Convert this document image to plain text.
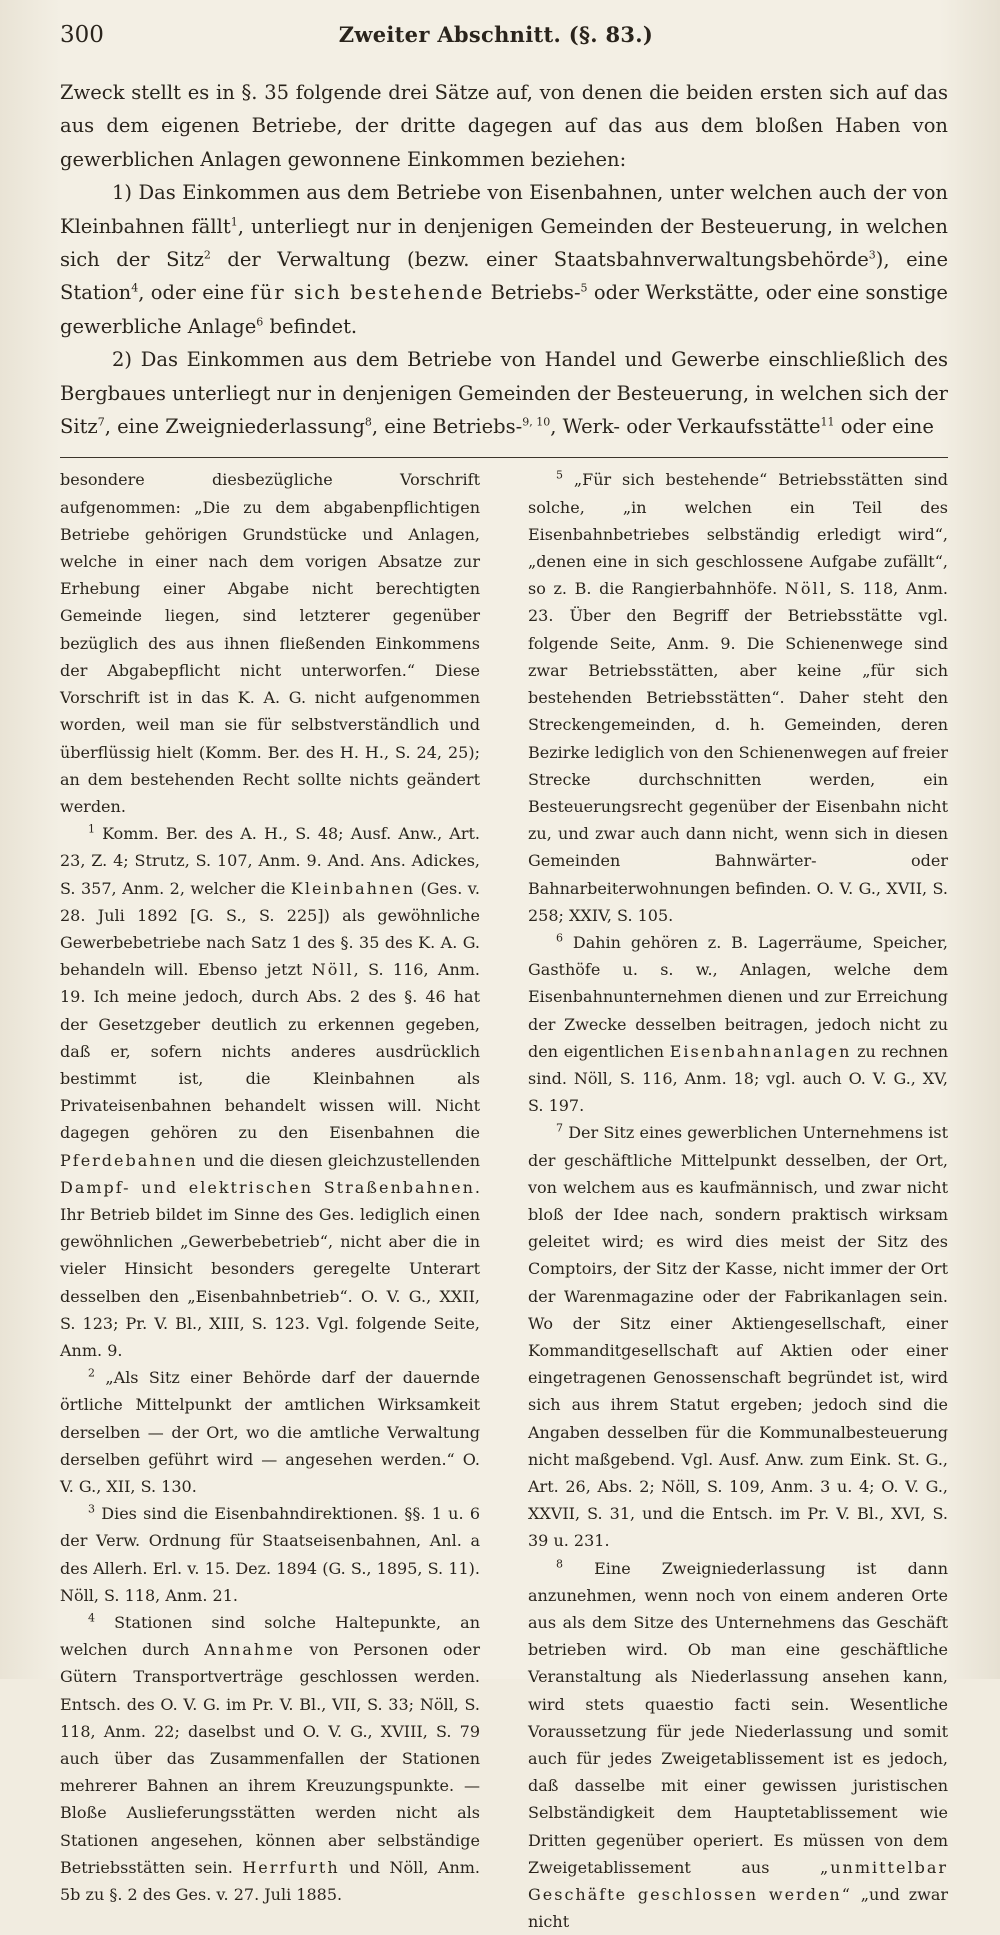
300	Zweiter Abschnitt. (§. 83.)

Zweck stellt es in §. 35 folgende drei Sätze auf, von denen die beiden ersten sich auf das aus dem eigenen Betriebe, der dritte dagegen auf das aus dem bloßen Haben von gewerblichen Anlagen gewonnene Einkommen beziehen:

1) Das Einkommen aus dem Betriebe von Eisenbahnen, unter welchen auch der von Kleinbahnen fällt$^1$, unterliegt nur in denjenigen Gemeinden der Besteuerung, in welchen sich der Sitz$^2$ der Verwaltung (bezw. einer Staatsbahnverwaltungsbehörde$^3$), eine Station$^4$, oder eine für sich bestehende Betriebs-$^5$ oder Werkstätte, oder eine sonstige gewerbliche Anlage$^6$ befindet.

2) Das Einkommen aus dem Betriebe von Handel und Gewerbe einschließlich des Bergbaues unterliegt nur in denjenigen Gemeinden der Besteuerung, in welchen sich der Sitz$^7$, eine Zweigniederlassung$^8$, eine Betriebs-$^{9, 10}$, Werk- oder Verkaufsstätte$^{11}$ oder eine

besondere diesbezügliche Vorschrift aufgenommen: „Die zu dem abgabenpflichtigen Betriebe gehörigen Grundstücke und Anlagen, welche in einer nach dem vorigen Absatze zur Erhebung einer Abgabe nicht berechtigten Gemeinde liegen, sind letzterer gegenüber bezüglich des aus ihnen fließenden Einkommens der Abgabepflicht nicht unterworfen.“ Diese Vorschrift ist in das K. A. G. nicht aufgenommen worden, weil man sie für selbstverständlich und überflüssig hielt (Komm. Ber. des H. H., S. 24, 25); an dem bestehenden Recht sollte nichts geändert werden.

$^1$ Komm. Ber. des A. H., S. 48; Ausf. Anw., Art. 23, Z. 4; Strutz, S. 107, Anm. 9. And. Ans. Adickes, S. 357, Anm. 2, welcher die Kleinbahnen (Ges. v. 28. Juli 1892 [G. S., S. 225]) als gewöhnliche Gewerbebetriebe nach Satz 1 des §. 35 des K. A. G. behandeln will. Ebenso jetzt Nöll, S. 116, Anm. 19. Ich meine jedoch, durch Abs. 2 des §. 46 hat der Gesetzgeber deutlich zu erkennen gegeben, daß er, sofern nichts anderes ausdrücklich bestimmt ist, die Kleinbahnen als Privateisenbahnen behandelt wissen will. Nicht dagegen gehören zu den Eisenbahnen die Pferdebahnen und die diesen gleichzustellenden Dampf- und elektrischen Straßenbahnen. Ihr Betrieb bildet im Sinne des Ges. lediglich einen gewöhnlichen „Gewerbebetrieb“, nicht aber die in vieler Hinsicht besonders geregelte Unterart desselben den „Eisenbahnbetrieb“. O. V. G., XXII, S. 123; Pr. V. Bl., XIII, S. 123. Vgl. folgende Seite, Anm. 9.

$^2$ „Als Sitz einer Behörde darf der dauernde örtliche Mittelpunkt der amtlichen Wirksamkeit derselben — der Ort, wo die amtliche Verwaltung derselben geführt wird — angesehen werden.“ O. V. G., XII, S. 130.

$^3$ Dies sind die Eisenbahndirektionen. §§. 1 u. 6 der Verw. Ordnung für Staatseisenbahnen, Anl. a des Allerh. Erl. v. 15. Dez. 1894 (G. S., 1895, S. 11). Nöll, S. 118, Anm. 21.

$^4$ Stationen sind solche Haltepunkte, an welchen durch Annahme von Personen oder Gütern Transportverträge geschlossen werden. Entsch. des O. V. G. im Pr. V. Bl., VII, S. 33; Nöll, S. 118, Anm. 22; daselbst und O. V. G., XVIII, S. 79 auch über das Zusammenfallen der Stationen mehrerer Bahnen an ihrem Kreuzungspunkte. — Bloße Auslieferungsstätten werden nicht als Stationen angesehen, können aber selbständige Betriebsstätten sein. Herrfurth und Nöll, Anm. 5b zu §. 2 des Ges. v. 27. Juli 1885.

$^5$ „Für sich bestehende“ Betriebsstätten sind solche, „in welchen ein Teil des Eisenbahnbetriebes selbständig erledigt wird“, „denen eine in sich geschlossene Aufgabe zufällt“, so z. B. die Rangierbahnhöfe. Nöll, S. 118, Anm. 23. Über den Begriff der Betriebsstätte vgl. folgende Seite, Anm. 9. Die Schienenwege sind zwar Betriebsstätten, aber keine „für sich bestehenden Betriebsstätten“. Daher steht den Streckengemeinden, d. h. Gemeinden, deren Bezirke lediglich von den Schienenwegen auf freier Strecke durchschnitten werden, ein Besteuerungsrecht gegenüber der Eisenbahn nicht zu, und zwar auch dann nicht, wenn sich in diesen Gemeinden Bahnwärter- oder Bahnarbeiterwohnungen befinden. O. V. G., XVII, S. 258; XXIV, S. 105.

$^6$ Dahin gehören z. B. Lagerräume, Speicher, Gasthöfe u. s. w., Anlagen, welche dem Eisenbahnunternehmen dienen und zur Erreichung der Zwecke desselben beitragen, jedoch nicht zu den eigentlichen Eisenbahnanlagen zu rechnen sind. Nöll, S. 116, Anm. 18; vgl. auch O. V. G., XV, S. 197.

$^7$ Der Sitz eines gewerblichen Unternehmens ist der geschäftliche Mittelpunkt desselben, der Ort, von welchem aus es kaufmännisch, und zwar nicht bloß der Idee nach, sondern praktisch wirksam geleitet wird; es wird dies meist der Sitz des Comptoirs, der Sitz der Kasse, nicht immer der Ort der Warenmagazine oder der Fabrikanlagen sein. Wo der Sitz einer Aktiengesellschaft, einer Kommanditgesellschaft auf Aktien oder einer eingetragenen Genossenschaft begründet ist, wird sich aus ihrem Statut ergeben; jedoch sind die Angaben desselben für die Kommunalbesteuerung nicht maßgebend. Vgl. Ausf. Anw. zum Eink. St. G., Art. 26, Abs. 2; Nöll, S. 109, Anm. 3 u. 4; O. V. G., XXVII, S. 31, und die Entsch. im Pr. V. Bl., XVI, S. 39 u. 231.

$^8$ Eine Zweigniederlassung ist dann anzunehmen, wenn noch von einem anderen Orte aus als dem Sitze des Unternehmens das Geschäft betrieben wird. Ob man eine geschäftliche Veranstaltung als Niederlassung ansehen kann, wird stets quaestio facti sein. Wesentliche Voraussetzung für jede Niederlassung und somit auch für jedes Zweigetablissement ist es jedoch, daß dasselbe mit einer gewissen juristischen Selbständigkeit dem Hauptetablissement wie Dritten gegenüber operiert. Es müssen von dem Zweigetablissement aus „unmittelbar Geschäfte geschlossen werden“ „und zwar nicht
